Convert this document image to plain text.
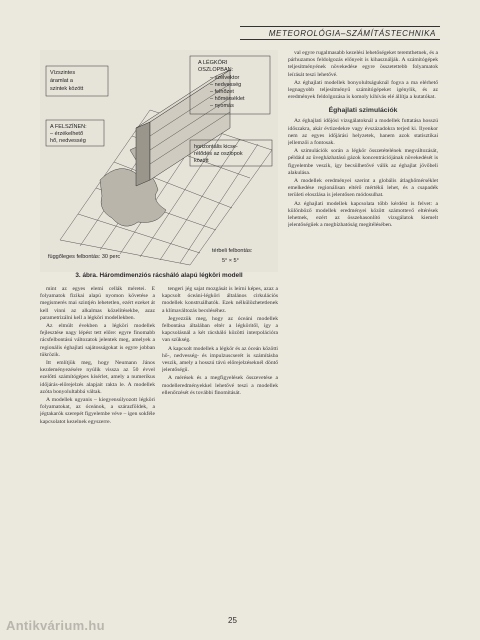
METEOROLÓGIA–SZÁMÍTÁSTECHNIKA
Vízszintes
áramlat a
szintek között
A LÉGKÖRI
OSZLOPBAN:
– szélvektor
– nedvesség
– felhőzet
– hőmérséklet
– nyomás
A FELSZÍNEN:
– érzékelhető
hő, nedvesség
horizontális kicse-
rélődés az oszlopok
között
függőleges felbontás: 30 perc
térbeli felbontás:
5° × 5°
3. ábra. Háromdimenziós rácsháló alapú légköri modell

mint az egyes elemi cellák méretei. E folyamatok fizikai alapú nyomon követése a megismerés mai szintjén lehetetlen, ezért ezeket át kell vinni az alkalmas közelítésekbe, azaz parametrizálni kell a légköri modellekben.

Az elmúlt években a légköri modellek fejlesztése nagy lépést tett előre: egyre finomabb rácsfelbontású változatok jelentek meg, amelyek a regionális éghajlati sajátosságokat is egyre jobban tükrözik.

Itt említjük meg, hogy Neumann János kezdeményezésére nyúlik vissza az 50 évvel ezelőtti számítógépes kísérlet, amely a numerikus időjárás-előrejelzés alapjait rakta le. A modellek azóta bonyolultabbá váltak.

A modellek ugyanis – kiegyensúlyozott légköri folyamatokat, az óceánok, a szárazföldek, a jégtakarók szerepét figyelembe véve – igen sokféle kapcsolatot kezelnek egyszerre.

tengeri jég sajat mozgását is leírni képes, azaz a kapcsolt óceáni-légköri általános cirkulációs modellek konstruálhatók. Ezek nélkülözhetetlenek a klímaváltozás becsléséhez.

Jegyezzük meg, hogy az óceáni modellek felbontása általában eltér a légköritől, így a kapcsolásnál a két rácsháló közötti interpolációra van szükség.

A kapcsolt modellek a légkör és az óceán közötti hő-, nedvesség- és impulzuscserét is számításba veszik, amely a hosszú távú előrejelzéseknél döntő jelentőségű.

A mérések és a megfigyelések összevetése a modelleredményekkel lehetővé teszi a modellek ellenőrzését és további finomítását.

val egyre rugalmasabb kezelési lehetőségeket teremthetnek, és a párhuzamos feldolgozás előnyeit is kihasználják. A számítógépek teljesítményének növekedése egyre összetettebb folyamatok leírását teszi lehetővé.

Az éghajlati modellek bonyolultságuknál fogva a ma elérhető legnagyobb teljesítményű számítógépeket igénylik, és az eredmények feldolgozása is komoly kihívás elé állítja a kutatókat.

Éghajlati szimulációk

Az éghajlati időjósi vizsgálatoknál a modellek futtatása hosszú időszakra, akár évtizedekre vagy évszázadokra terjed ki. Ilyenkor nem az egyes időjárási helyzetek, hanem azok statisztikai jellemzői a fontosak.

A szimulációk során a légkör összetételének megváltozását, például az üvegházhatású gázok koncentrációjának növekedését is figyelembe veszik, így becsülhetővé válik az éghajlat jövőbeli alakulása.

A modellek eredményei szerint a globális átlaghőmérséklet emelkedése regionálisan eltérő mértékű lehet, és a csapadék területi eloszlása is jelentősen módosulhat.

Az éghajlati modellek kapcsolata több kérdést is felvet: a különböző modellek eredményei között számottevő eltérések lehetnek, ezért az összehasonlító vizsgálatok kiemelt jelentőségűek a megbízhatóság megítélésében.

25
Antikvárium.hu
